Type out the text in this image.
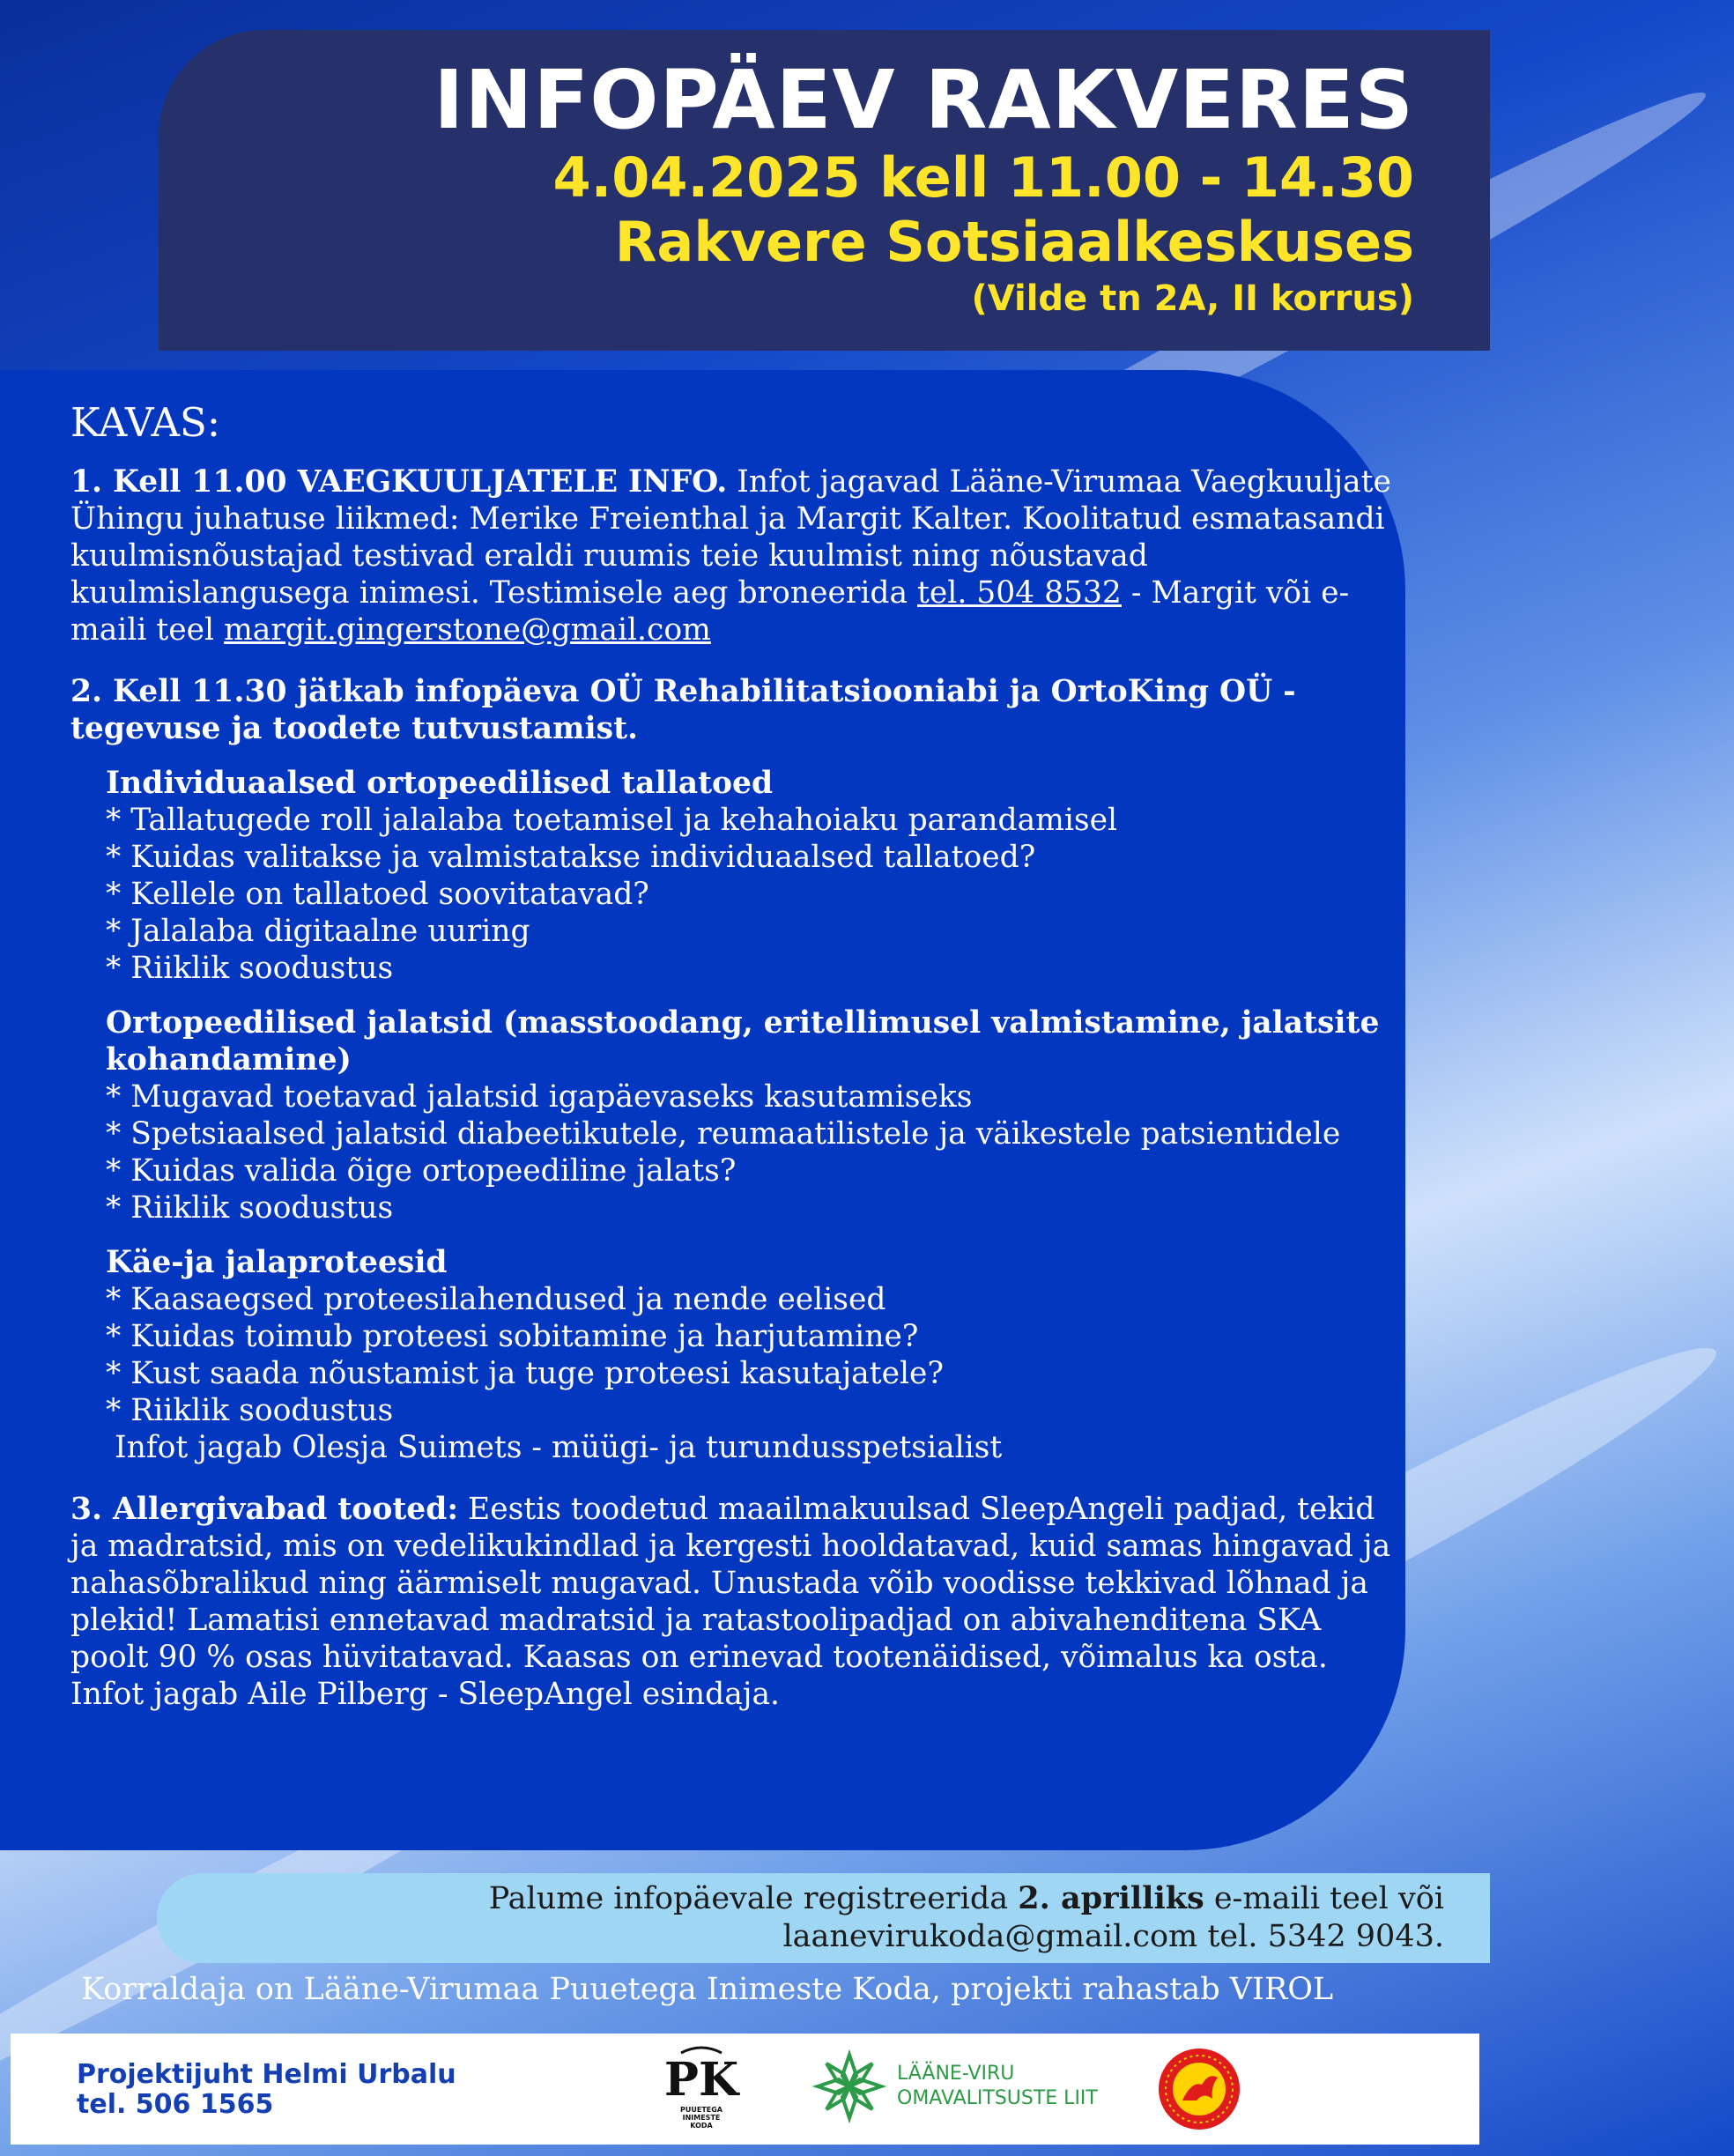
INFOPÄEV RAKVERES
4.04.2025 kell 11.00 - 14.30
Rakvere Sotsiaalkeskuses
(Vilde tn 2A, II korrus)

KAVAS:

1. Kell 11.00 VAEGKUULJATELE INFO. Infot jagavad Lääne-Virumaa Vaegkuuljate Ühingu juhatuse liikmed: Merike Freienthal ja Margit Kalter. Koolitatud esmatasandi kuulmisnõustajad testivad eraldi ruumis teie kuulmist ning nõustavad kuulmislangusega inimesi. Testimisele aeg broneerida tel. 504 8532 - Margit või e-maili teel margit.gingerstone@gmail.com

2. Kell 11.30 jätkab infopäeva OÜ Rehabilitatsiooniabi ja OrtoKing OÜ - tegevuse ja toodete tutvustamist.

Individuaalsed ortopeedilised tallatoed
* Tallatugede roll jalalaba toetamisel ja kehahoiaku parandamisel
* Kuidas valitakse ja valmistatakse individuaalsed tallatoed?
* Kellele on tallatoed soovitatavad?
* Jalalaba digitaalne uuring
* Riiklik soodustus
Ortopeedilised jalatsid (masstoodang, eritellimusel valmistamine, jalatsite kohandamine)
* Mugavad toetavad jalatsid igapäevaseks kasutamiseks
* Spetsiaalsed jalatsid diabeetikutele, reumaatilistele ja väikestele patsientidele
* Kuidas valida õige ortopeediline jalats?
* Riiklik soodustus
Käe-ja jalaproteesid
* Kaasaegsed proteesilahendused ja nende eelised
* Kuidas toimub proteesi sobitamine ja harjutamine?
* Kust saada nõustamist ja tuge proteesi kasutajatele?
* Riiklik soodustus
Infot jagab Olesja Suimets - müügi- ja turundusspetsialist

3. Allergivabad tooted: Eestis toodetud maailmakuulsad SleepAngeli padjad, tekid ja madratsid, mis on vedelikukindlad ja kergesti hooldatavad, kuid samas hingavad ja nahasõbralikud ning äärmiselt mugavad. Unustada võib voodisse tekkivad lõhnad ja plekid! Lamatisi ennetavad madratsid ja ratastoolipadjad on abivahenditena SKA poolt 90 % osas hüvitatavad. Kaasas on erinevad tootenäidised, võimalus ka osta.

Infot jagab Aile Pilberg - SleepAngel esindaja.

Palume infopäevale registreerida 2. aprilliks e-maili teel või
laanevirukoda@gmail.com tel. 5342 9043.
Korraldaja on Lääne-Virumaa Puuetega Inimeste Koda, projekti rahastab VIROL
Projektijuht Helmi Urbalu
tel. 506 1565	PK
PUUETEGA
INIMESTE
KODA
LÄÄNE-VIRU
OMAVALITSUSTE LIIT
